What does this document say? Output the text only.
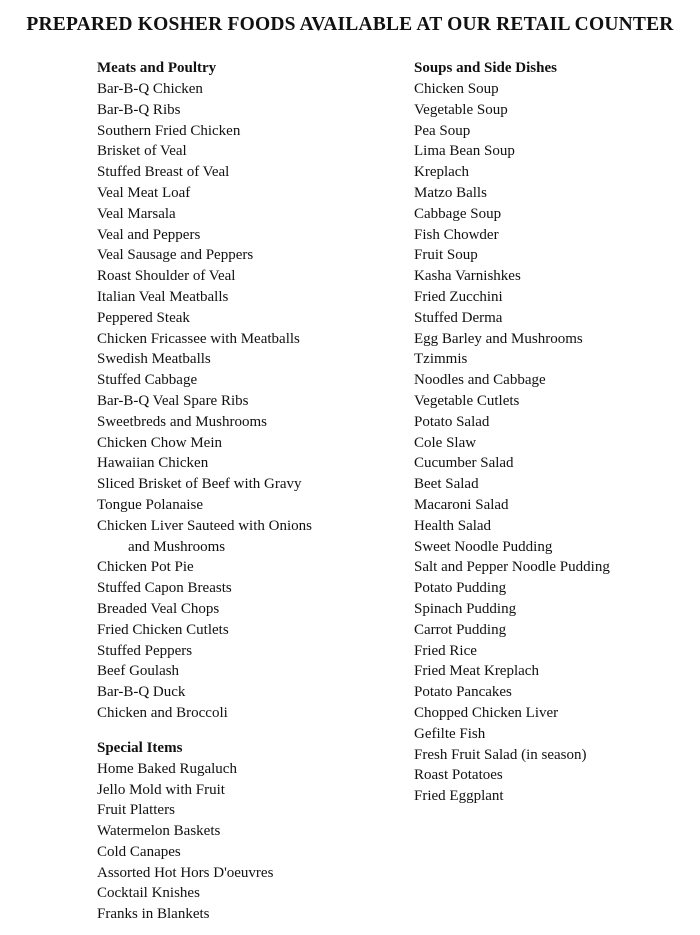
PREPARED KOSHER FOODS AVAILABLE AT OUR RETAIL COUNTER
Meats and Poultry
Bar-B-Q Chicken
Bar-B-Q Ribs
Southern Fried Chicken
Brisket of Veal
Stuffed Breast of Veal
Veal Meat Loaf
Veal Marsala
Veal and Peppers
Veal Sausage and Peppers
Roast Shoulder of Veal
Italian Veal Meatballs
Peppered Steak
Chicken Fricassee with Meatballs
Swedish Meatballs
Stuffed Cabbage
Bar-B-Q Veal Spare Ribs
Sweetbreds and Mushrooms
Chicken Chow Mein
Hawaiian Chicken
Sliced Brisket of Beef with Gravy
Tongue Polanaise
Chicken Liver Sauteed with Onions
and Mushrooms
Chicken Pot Pie
Stuffed Capon Breasts
Breaded Veal Chops
Fried Chicken Cutlets
Stuffed Peppers
Beef Goulash
Bar-B-Q Duck
Chicken and Broccoli
Special Items
Home Baked Rugaluch
Jello Mold with Fruit
Fruit Platters
Watermelon Baskets
Cold Canapes
Assorted Hot Hors D'oeuvres
Cocktail Knishes
Franks in Blankets
Soups and Side Dishes
Chicken Soup
Vegetable Soup
Pea Soup
Lima Bean Soup
Kreplach
Matzo Balls
Cabbage Soup
Fish Chowder
Fruit Soup
Kasha Varnishkes
Fried Zucchini
Stuffed Derma
Egg Barley and Mushrooms
Tzimmis
Noodles and Cabbage
Vegetable Cutlets
Potato Salad
Cole Slaw
Cucumber Salad
Beet Salad
Macaroni Salad
Health Salad
Sweet Noodle Pudding
Salt and Pepper Noodle Pudding
Potato Pudding
Spinach Pudding
Carrot Pudding
Fried Rice
Fried Meat Kreplach
Potato Pancakes
Chopped Chicken Liver
Gefilte Fish
Fresh Fruit Salad (in season)
Roast Potatoes
Fried Eggplant
